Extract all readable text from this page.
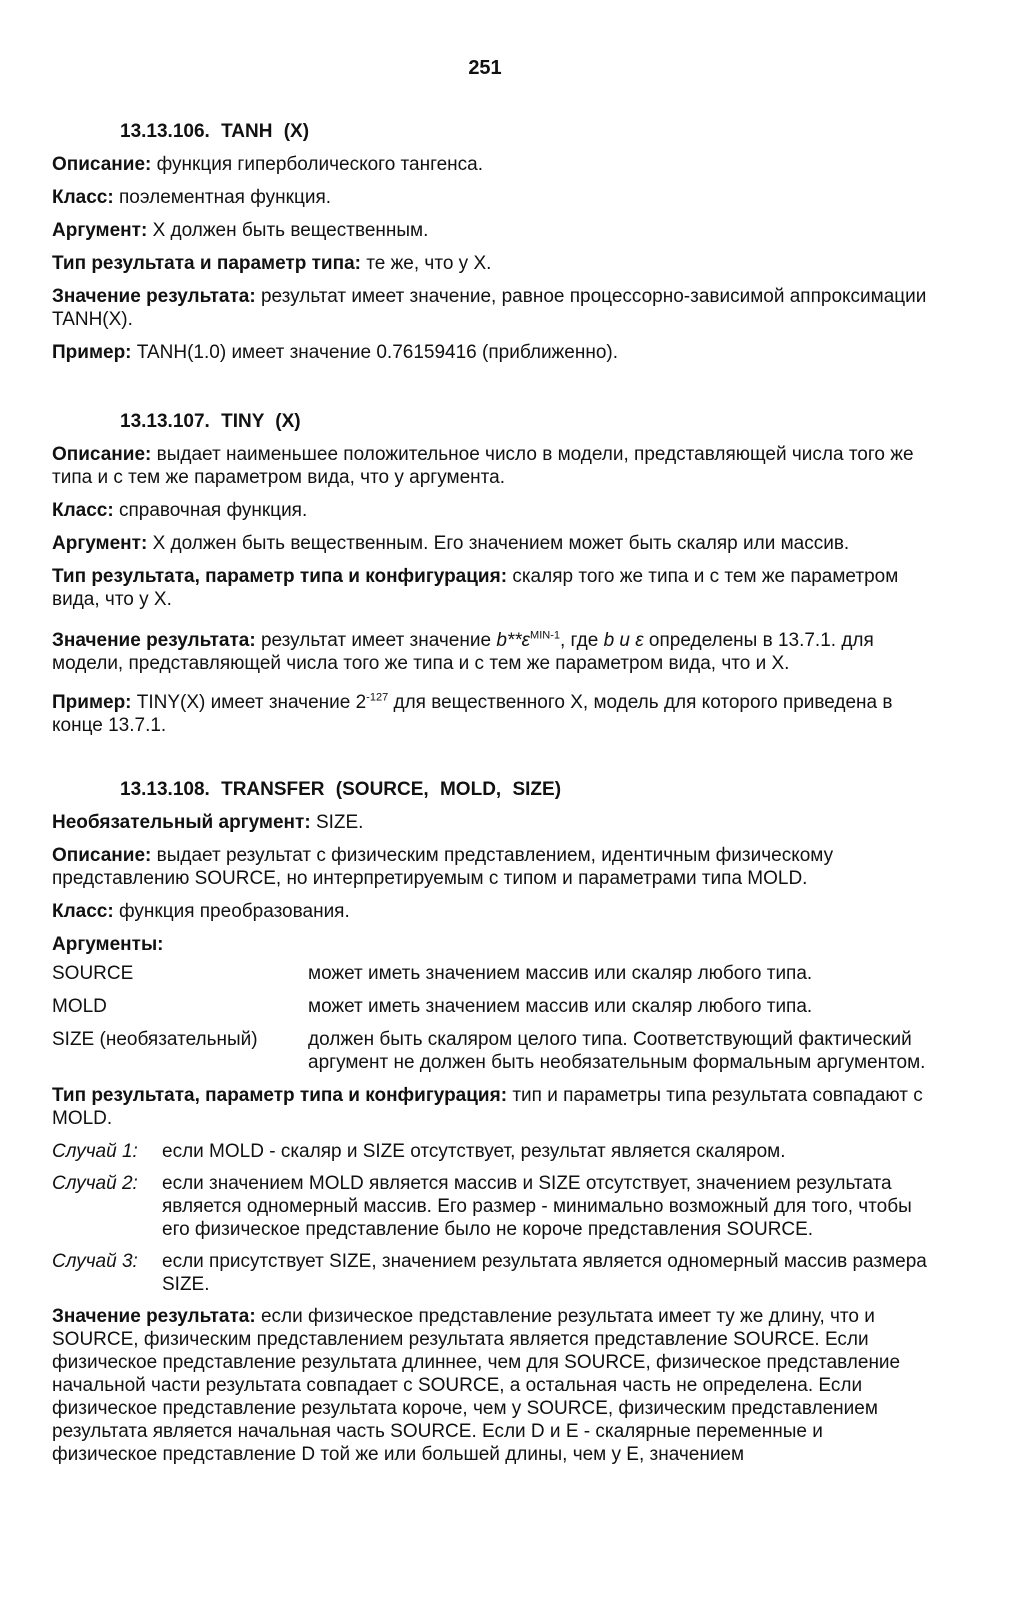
251
13.13.106. TANH (X)
Описание: функция гиперболического тангенса.
Класс: поэлементная функция.
Аргумент: X должен быть вещественным.
Тип результата и параметр типа: те же, что у X.
Значение результата: результат имеет значение, равное процессорно-зависимой аппроксимации TANH(X).
Пример: TANH(1.0) имеет значение 0.76159416 (приближенно).
13.13.107. TINY (X)
Описание: выдает наименьшее положительное число в модели, представляющей числа того же типа и с тем же параметром вида, что у аргумента.
Класс: справочная функция.
Аргумент: X должен быть вещественным. Его значением может быть скаляр или массив.
Тип результата, параметр типа и конфигурация: скаляр того же типа и с тем же параметром вида, что у X.
Значение результата: результат имеет значение $b**\varepsilon^{MIN-1}$, где b и ε определены в 13.7.1. для модели, представляющей числа того же типа и с тем же параметром вида, что и X.
Пример: TINY(X) имеет значение $2^{-127}$ для вещественного X, модель для которого приведена в конце 13.7.1.
13.13.108. TRANSFER (SOURCE, MOLD, SIZE)
Необязательный аргумент: SIZE.
Описание: выдает результат с физическим представлением, идентичным физическому представлению SOURCE, но интерпретируемым с типом и параметрами типа MOLD.
Класс: функция преобразования.
Аргументы:
SOURCE	может иметь значением массив или скаляр любого типа.
MOLD	может иметь значением массив или скаляр любого типа.
SIZE (необязательный)	должен быть скаляром целого типа. Соответствующий фактический аргумент не должен быть необязательным формальным аргументом.
Тип результата, параметр типа и конфигурация: тип и параметры типа результата совпадают с MOLD.
Случай 1:	если MOLD - скаляр и SIZE отсутствует, результат является скаляром.
Случай 2:	если значением MOLD является массив и SIZE отсутствует, значением результата является одномерный массив. Его размер - минимально возможный для того, чтобы его физическое представление было не короче представления SOURCE.
Случай 3:	если присутствует SIZE, значением результата является одномерный массив размера SIZE.
Значение результата: если физическое представление результата имеет ту же длину, что и SOURCE, физическим представлением результата является представление SOURCE. Если физическое представление результата длиннее, чем для SOURCE, физическое представление начальной части результата совпадает с SOURCE, а остальная часть не определена. Если физическое представление результата короче, чем у SOURCE, физическим представлением результата является начальная часть SOURCE. Если D и E - скалярные переменные и физическое представление D той же или большей длины, чем у E, значением
